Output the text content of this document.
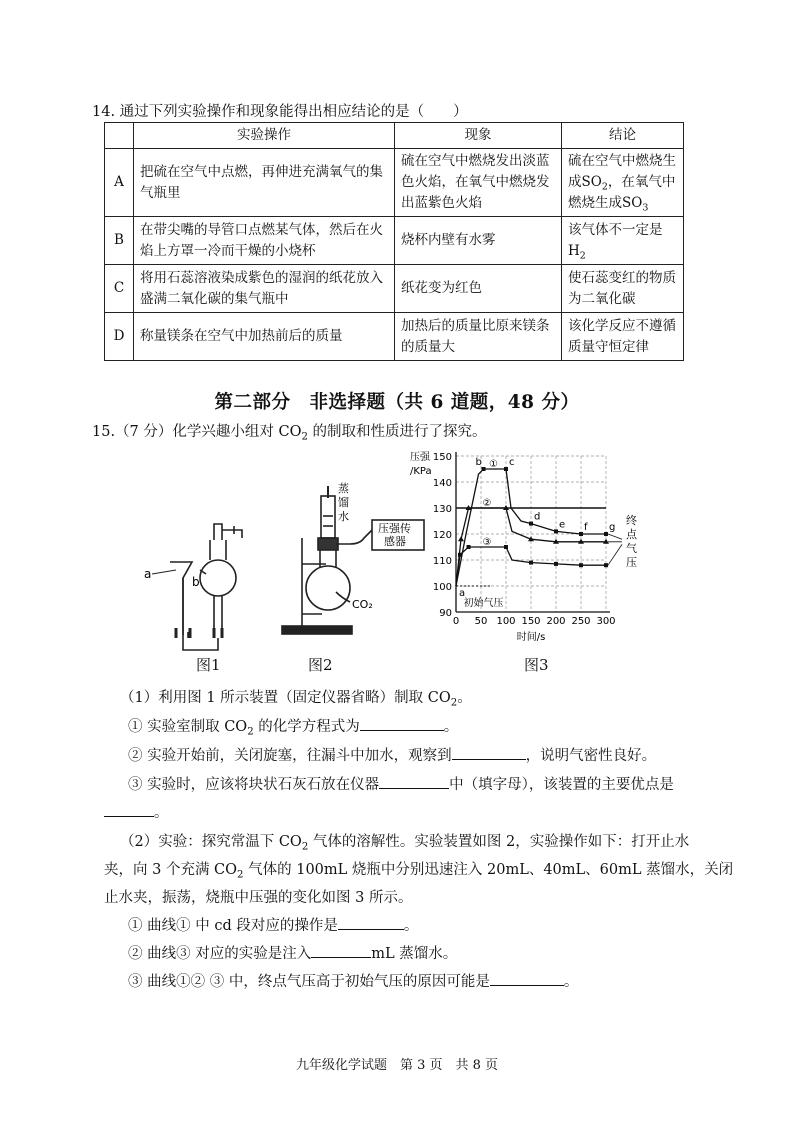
14. 通过下列实验操作和现象能得出相应结论的是（　　）
	实验操作	现象	结论
A	把硫在空气中点燃，再伸进充满氧气的集气瓶里	硫在空气中燃烧发出淡蓝色火焰，在氧气中燃烧发出蓝紫色火焰	硫在空气中燃烧生成$SO_2$，在氧气中燃烧生成$SO_3$
B	在带尖嘴的导管口点燃某气体，然后在火焰上方罩一冷而干燥的小烧杯	烧杯内壁有水雾	该气体不一定是$H_2$
C	将用石蕊溶液染成紫色的湿润的纸花放入盛满二氧化碳的集气瓶中	纸花变为红色	使石蕊变红的物质为二氧化碳
D	称量镁条在空气中加热前后的质量	加热后的质量比原来镁条的质量大	该化学反应不遵循质量守恒定律
第二部分　非选择题（共 6 道题，48 分）
15.（7 分）化学兴趣小组对 $CO_2$ 的制取和性质进行了探究。
a
b
图1
蒸
馏
水
压强传
感器
CO₂
图2
90
100
110
120
130
140
150
0 50 100 150 200 250 300
压强
/KPa
时间/s
初始气压
①
②
③
a
b	c
d
e f g
终
点
气
压
图3
（1）利用图 1 所示装置（固定仪器省略）制取 $CO_2$。
① 实验室制取 $CO_2$ 的化学方程式为	。
② 实验开始前，关闭旋塞，往漏斗中加水，观察到	，说明气密性良好。
③ 实验时，应该将块状石灰石放在仪器	中（填字母），该装置的主要优点是
。
（2）实验：探究常温下 $CO_2$ 气体的溶解性。实验装置如图 2，实验操作如下：打开止水
夹，向 3 个充满 $CO_2$ 气体的 100mL 烧瓶中分别迅速注入 20mL、40mL、60mL 蒸馏水，关闭
止水夹，振荡，烧瓶中压强的变化如图 3 所示。
① 曲线① 中 cd 段对应的操作是	。
② 曲线③ 对应的实验是注入	mL 蒸馏水。
③ 曲线①② ③ 中，终点气压高于初始气压的原因可能是	。
九年级化学试题　第 3 页　共 8 页
